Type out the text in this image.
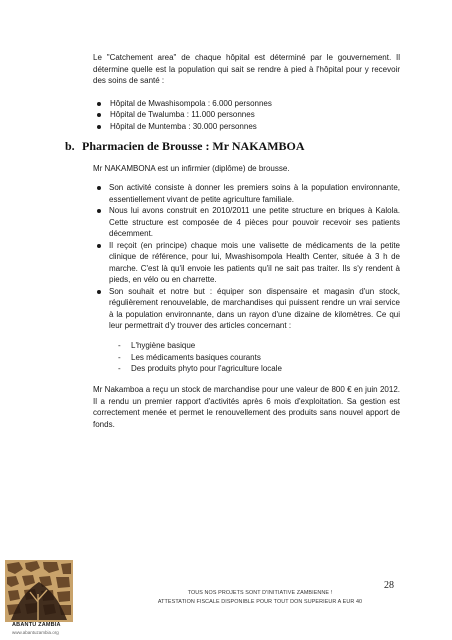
Le "Catchement area" de chaque hôpital est déterminé par le gouvernement. Il détermine quelle est la population qui sait se rendre à pied à l'hôpital pour y recevoir des soins de santé :

Hôpital de Mwashisompola : 6.000 personnes
Hôpital de Twalumba : 11.000 personnes
Hôpital de Muntemba : 30.000 personnes
b. Pharmacien de Brousse : Mr NAKAMBOA

Mr NAKAMBONA est un infirmier (diplôme) de brousse.

Son activité consiste à donner les premiers soins à la population environnante, essentiellement vivant de petite agriculture familiale.
Nous lui avons construit en 2010/2011 une petite structure en briques à Kalola. Cette structure est composée de 4 pièces pour pouvoir recevoir ses patients décemment.
Il reçoit (en principe) chaque mois une valisette de médicaments de la petite clinique de référence, pour lui, Mwashisompola Health Center, située à 3 h de marche. C'est là qu'il envoie les patients qu'il ne sait pas traiter. Ils s'y rendent à pieds, en vélo ou en charrette.
Son souhait et notre but : équiper son dispensaire et magasin d'un stock, régulièrement renouvelable, de marchandises qui puissent rendre un vrai service à la population environnante, dans un rayon d'une dizaine de kilomètres. Ce qui leur permettrait d'y trouver des articles concernant :
- L'hygiène basique
- Les médicaments basiques courants
- Des produits phyto pour l'agriculture locale

Mr Nakamboa a reçu un stock de marchandise pour une valeur de 800 € en juin 2012. Il a rendu un premier rapport d'activités après 6 mois d'exploitation. Sa gestion est correctement menée et permet le renouvellement des produits sans nouvel apport de fonds.

ABANTU ZAMBIA
www.abantuzambia.org
28
TOUS NOS PROJETS SONT D'INITIATIVE ZAMBIENNE !
ATTESTATION FISCALE DISPONIBLE POUR TOUT DON SUPERIEUR A EUR 40
